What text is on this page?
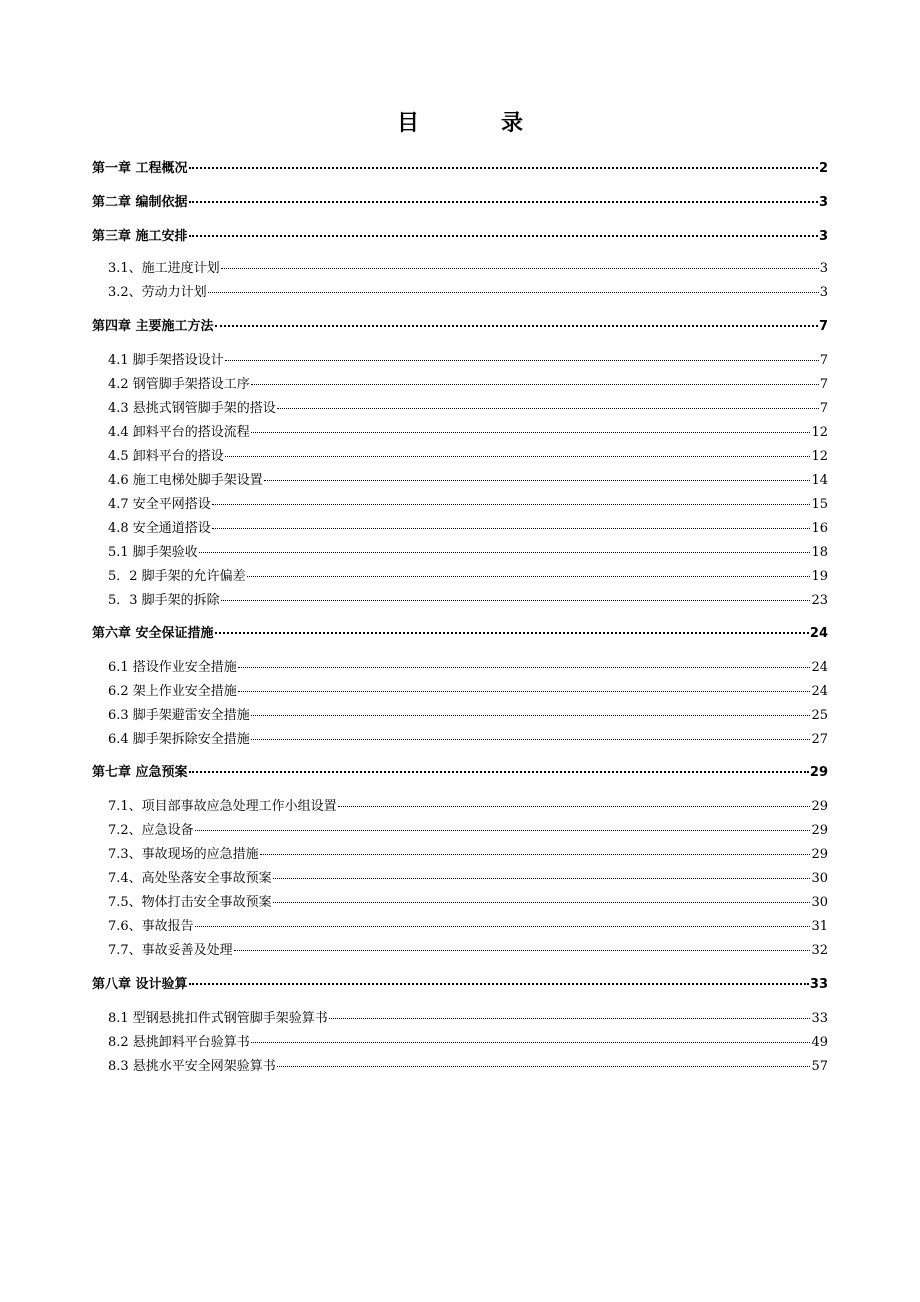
目　录
第一章 工程概况	2
第二章 编制依据	3
第三章 施工安排	3
3.1、施工进度计划	3
3.2、劳动力计划	3
第四章 主要施工方法	7
4.1 脚手架搭设设计	7
4.2 钢管脚手架搭设工序	7
4.3 悬挑式钢管脚手架的搭设	7
4.4 卸料平台的搭设流程	12
4.5 卸料平台的搭设	12
4.6 施工电梯处脚手架设置	14
4.7 安全平网搭设	15
4.8 安全通道搭设	16
5.1 脚手架验收	18
5．2 脚手架的允许偏差	19
5．3 脚手架的拆除	23
第六章 安全保证措施	24
6.1 搭设作业安全措施	24
6.2 架上作业安全措施	24
6.3 脚手架避雷安全措施	25
6.4 脚手架拆除安全措施	27
第七章 应急预案	29
7.1、项目部事故应急处理工作小组设置	29
7.2、应急设备	29
7.3、事故现场的应急措施	29
7.4、高处坠落安全事故预案	30
7.5、物体打击安全事故预案	30
7.6、事故报告	31
7.7、事故妥善及处理	32
第八章 设计验算	33
8.1 型钢悬挑扣件式钢管脚手架验算书	33
8.2 悬挑卸料平台验算书	49
8.3 悬挑水平安全网架验算书	57
